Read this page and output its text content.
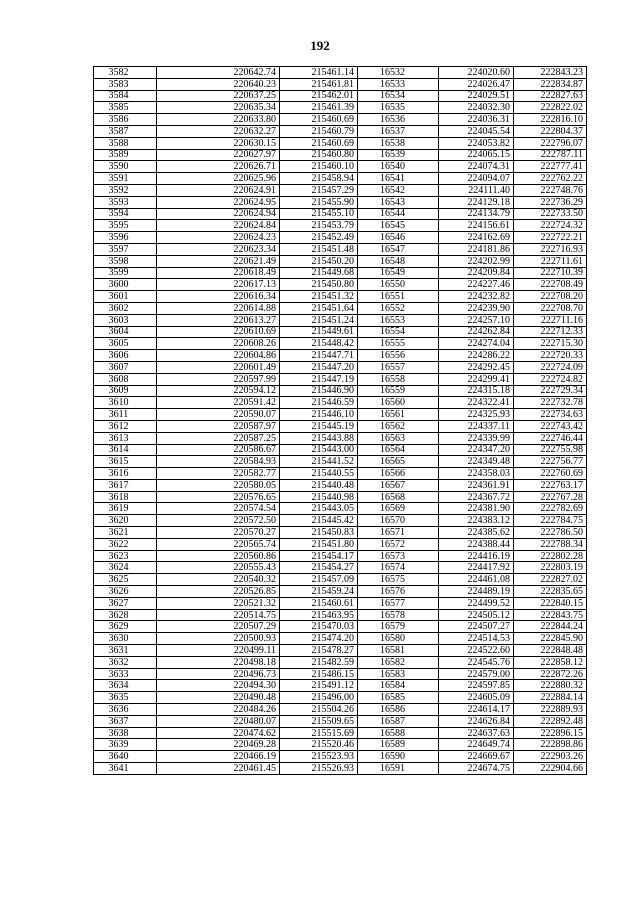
192
3582	220642.74	215461.14	16532	224020.60	222843.23
3583	220640.23	215461.81	16533	224026.47	222834.87
3584	220637.25	215462.01	16534	224029.51	222827.63
3585	220635.34	215461.39	16535	224032.30	222822.02
3586	220633.80	215460.69	16536	224036.31	222816.10
3587	220632.27	215460.79	16537	224045.54	222804.37
3588	220630.15	215460.69	16538	224053.82	222796.07
3589	220627.97	215460.80	16539	224065.15	222787.11
3590	220626.71	215460.10	16540	224074.31	222777.41
3591	220625.96	215458.94	16541	224094.07	222762.22
3592	220624.91	215457.29	16542	224111.40	222748.76
3593	220624.95	215455.90	16543	224129.18	222736.29
3594	220624.94	215455.10	16544	224134.79	222733.50
3595	220624.84	215453.79	16545	224156.61	222724.32
3596	220624.23	215452.49	16546	224162.69	222722.21
3597	220623.34	215451.48	16547	224181.86	222716.93
3598	220621.49	215450.20	16548	224202.99	222711.61
3599	220618.49	215449.68	16549	224209.84	222710.39
3600	220617.13	215450.80	16550	224227.46	222708.49
3601	220616.34	215451.32	16551	224232.82	222708.20
3602	220614.88	215451.64	16552	224239.90	222708.70
3603	220613.27	215451.24	16553	224257.10	222711.16
3604	220610.69	215449.61	16554	224262.84	222712.33
3605	220608.26	215448.42	16555	224274.04	222715.30
3606	220604.86	215447.71	16556	224286.22	222720.33
3607	220601.49	215447.20	16557	224292.45	222724.09
3608	220597.99	215447.19	16558	224299.41	222724.82
3609	220594.12	215446.90	16559	224315.18	222729.34
3610	220591.42	215446.59	16560	224322.41	222732.78
3611	220590.07	215446.10	16561	224325.93	222734.63
3612	220587.97	215445.19	16562	224337.11	222743.42
3613	220587.25	215443.88	16563	224339.99	222746.44
3614	220586.67	215443.00	16564	224347.20	222755.98
3615	220584.93	215441.52	16565	224349.48	222756.77
3616	220582.77	215440.55	16566	224358.03	222760.69
3617	220580.05	215440.48	16567	224361.91	222763.17
3618	220576.65	215440.98	16568	224367.72	222767.28
3619	220574.54	215443.05	16569	224381.90	222782.69
3620	220572.50	215445.42	16570	224383.12	222784.75
3621	220570.27	215450.83	16571	224385.62	222786.50
3622	220565.74	215451.80	16572	224388.44	222788.34
3623	220560.86	215454.17	16573	224416.19	222802.28
3624	220555.43	215454.27	16574	224417.92	222803.19
3625	220540.32	215457.09	16575	224461.08	222827.02
3626	220526.85	215459.24	16576	224489.19	222835.65
3627	220521.32	215460.61	16577	224499.52	222840.15
3628	220514.75	215463.95	16578	224505.12	222843.75
3629	220507.29	215470.03	16579	224507.27	222844.24
3630	220500.93	215474.20	16580	224514.53	222845.90
3631	220499.11	215478.27	16581	224522.60	222848.48
3632	220498.18	215482.59	16582	224545.76	222858.12
3633	220496.73	215486.15	16583	224579.00	222872.26
3634	220494.30	215491.12	16584	224597.85	222880.32
3635	220490.48	215496.00	16585	224605.09	222884.14
3636	220484.26	215504.26	16586	224614.17	222889.93
3637	220480.07	215509.65	16587	224626.84	222892.48
3638	220474.62	215515.69	16588	224637.63	222896.15
3639	220469.28	215520.46	16589	224649.74	222898.86
3640	220466.19	215523.93	16590	224669.67	222903.26
3641	220461.45	215526.93	16591	224674.75	222904.66
